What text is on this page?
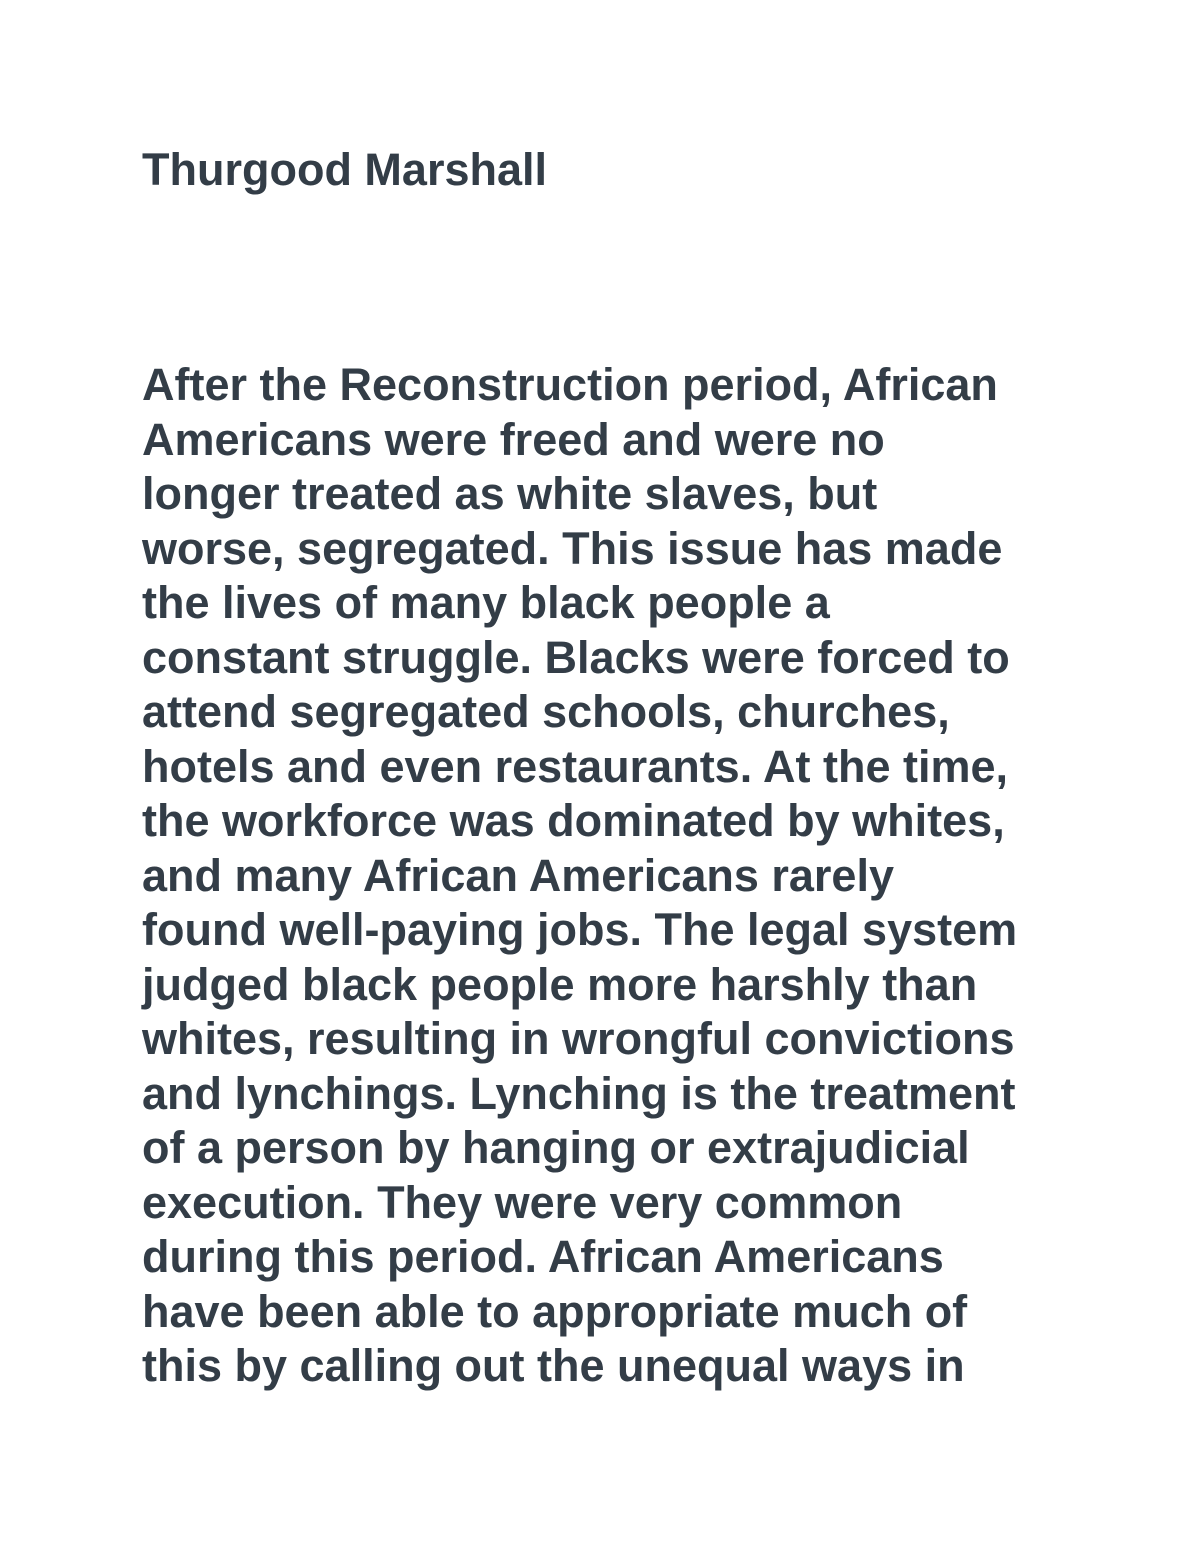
Thurgood Marshall
After the Reconstruction period, African
Americans were freed and were no
longer treated as white slaves, but
worse, segregated. This issue has made
the lives of many black people a
constant struggle. Blacks were forced to
attend segregated schools, churches,
hotels and even restaurants. At the time,
the workforce was dominated by whites,
and many African Americans rarely
found well-paying jobs. The legal system
judged black people more harshly than
whites, resulting in wrongful convictions
and lynchings. Lynching is the treatment
of a person by hanging or extrajudicial
execution. They were very common
during this period. African Americans
have been able to appropriate much of
this by calling out the unequal ways in
